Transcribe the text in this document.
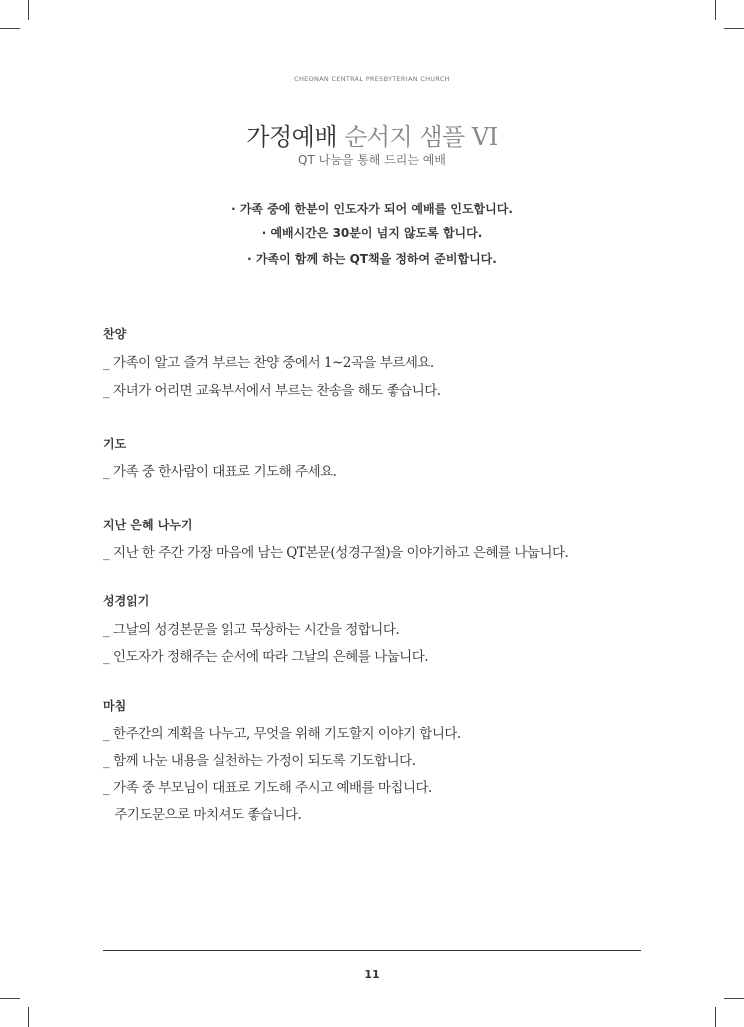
CHEONAN CENTRAL PRESBYTERIAN CHURCH
가정예배 순서지 샘플 VI
QT 나눔을 통해 드리는 예배
· 가족 중에 한분이 인도자가 되어 예배를 인도합니다.
· 예배시간은 30분이 넘지 않도록 합니다.
· 가족이 함께 하는 QT책을 정하여 준비합니다.
찬양
_ 가족이 알고 즐겨 부르는 찬양 중에서 1~2곡을 부르세요.
_ 자녀가 어리면 교육부서에서 부르는 찬송을 해도 좋습니다.
기도
_ 가족 중 한사람이 대표로 기도해 주세요.
지난 은혜 나누기
_ 지난 한 주간 가장 마음에 남는 QT본문(성경구절)을 이야기하고 은혜를 나눕니다.
성경읽기
_ 그날의 성경본문을 읽고 묵상하는 시간을 정합니다.
_ 인도자가 정해주는 순서에 따라 그날의 은혜를 나눕니다.
마침
_ 한주간의 계획을 나누고, 무엇을 위해 기도할지 이야기 합니다.
_ 함께 나눈 내용을 실천하는 가정이 되도록 기도합니다.
_ 가족 중 부모님이 대표로 기도해 주시고 예배를 마칩니다.
주기도문으로 마치셔도 좋습니다.
11
